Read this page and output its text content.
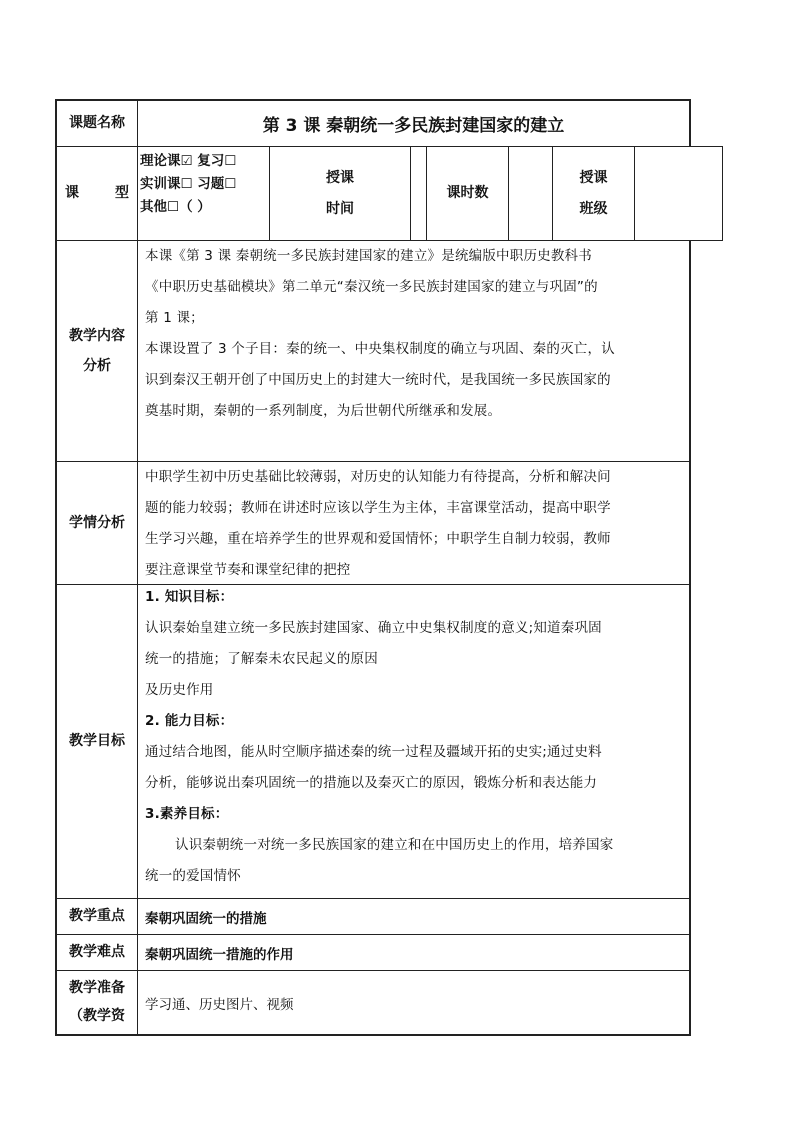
课题名称	第 3 课 秦朝统一多民族封建国家的建立
课	型
理论课☑ 复习☐
实训课☐ 习题☐
其他☐（ ）
授课
时间
课时数
授课
班级
教学内容
分析
本课《第 3 课 秦朝统一多民族封建国家的建立》是统编版中职历史教科书
《中职历史基础模块》第二单元“秦汉统一多民族封建国家的建立与巩固”的
第 1 课；
本课设置了 3 个子目：秦的统一、中央集权制度的确立与巩固、秦的灭亡，认
识到秦汉王朝开创了中国历史上的封建大一统时代，是我国统一多民族国家的
奠基时期，秦朝的一系列制度，为后世朝代所继承和发展。
学情分析
中职学生初中历史基础比较薄弱，对历史的认知能力有待提高，分析和解决问
题的能力较弱；教师在讲述时应该以学生为主体，丰富课堂活动，提高中职学
生学习兴趣，重在培养学生的世界观和爱国情怀；中职学生自制力较弱，教师
要注意课堂节奏和课堂纪律的把控
教学目标
1. 知识目标：
认识秦始皇建立统一多民族封建国家、确立中史集权制度的意义;知道秦巩固
统一的措施；了解秦未农民起义的原因
及历史作用
2. 能力目标：
通过结合地图，能从时空顺序描述秦的统一过程及疆域开拓的史实;通过史料
分析，能够说出秦巩固统一的措施以及秦灭亡的原因，锻炼分析和表达能力
3.素养目标：
认识秦朝统一对统一多民族国家的建立和在中国历史上的作用，培养国家
统一的爱国情怀
教学重点 秦朝巩固统一的措施
教学难点 秦朝巩固统一措施的作用
教学准备
（教学资
学习通、历史图片、视频
